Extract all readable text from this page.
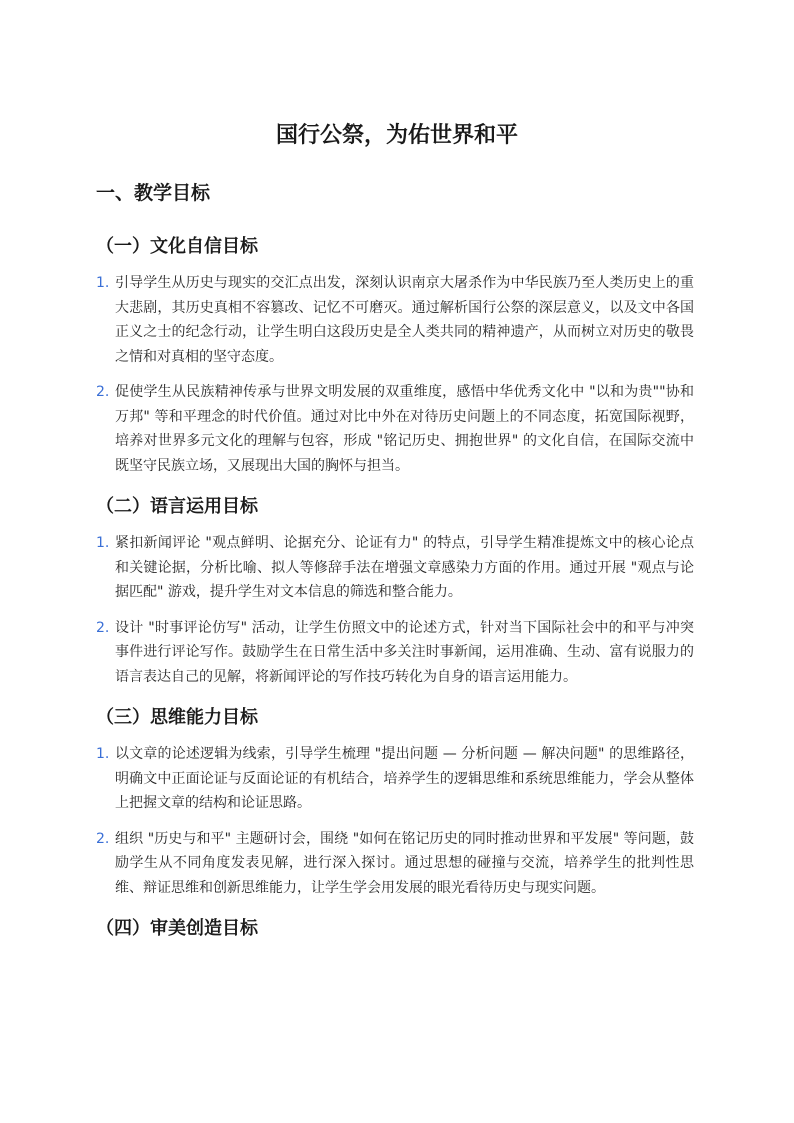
国行公祭，为佑世界和平
一、教学目标
（一）文化自信目标
1. 引导学生从历史与现实的交汇点出发，深刻认识南京大屠杀作为中华民族乃至人类历史上的重大悲剧，其历史真相不容篡改、记忆不可磨灭。通过解析国行公祭的深层意义，以及文中各国正义之士的纪念行动，让学生明白这段历史是全人类共同的精神遗产，从而树立对历史的敬畏之情和对真相的坚守态度。
2. 促使学生从民族精神传承与世界文明发展的双重维度，感悟中华优秀文化中 "以和为贵""协和万邦" 等和平理念的时代价值。通过对比中外在对待历史问题上的不同态度，拓宽国际视野，培养对世界多元文化的理解与包容，形成 "铭记历史、拥抱世界" 的文化自信，在国际交流中既坚守民族立场，又展现出大国的胸怀与担当。
（二）语言运用目标
1. 紧扣新闻评论 "观点鲜明、论据充分、论证有力" 的特点，引导学生精准提炼文中的核心论点和关键论据，分析比喻、拟人等修辞手法在增强文章感染力方面的作用。通过开展 "观点与论据匹配" 游戏，提升学生对文本信息的筛选和整合能力。
2. 设计 "时事评论仿写" 活动，让学生仿照文中的论述方式，针对当下国际社会中的和平与冲突事件进行评论写作。鼓励学生在日常生活中多关注时事新闻，运用准确、生动、富有说服力的语言表达自己的见解，将新闻评论的写作技巧转化为自身的语言运用能力。
（三）思维能力目标
1. 以文章的论述逻辑为线索，引导学生梳理 "提出问题 — 分析问题 — 解决问题" 的思维路径，明确文中正面论证与反面论证的有机结合，培养学生的逻辑思维和系统思维能力，学会从整体上把握文章的结构和论证思路。
2. 组织 "历史与和平" 主题研讨会，围绕 "如何在铭记历史的同时推动世界和平发展" 等问题，鼓励学生从不同角度发表见解，进行深入探讨。通过思想的碰撞与交流，培养学生的批判性思维、辩证思维和创新思维能力，让学生学会用发展的眼光看待历史与现实问题。
（四）审美创造目标
